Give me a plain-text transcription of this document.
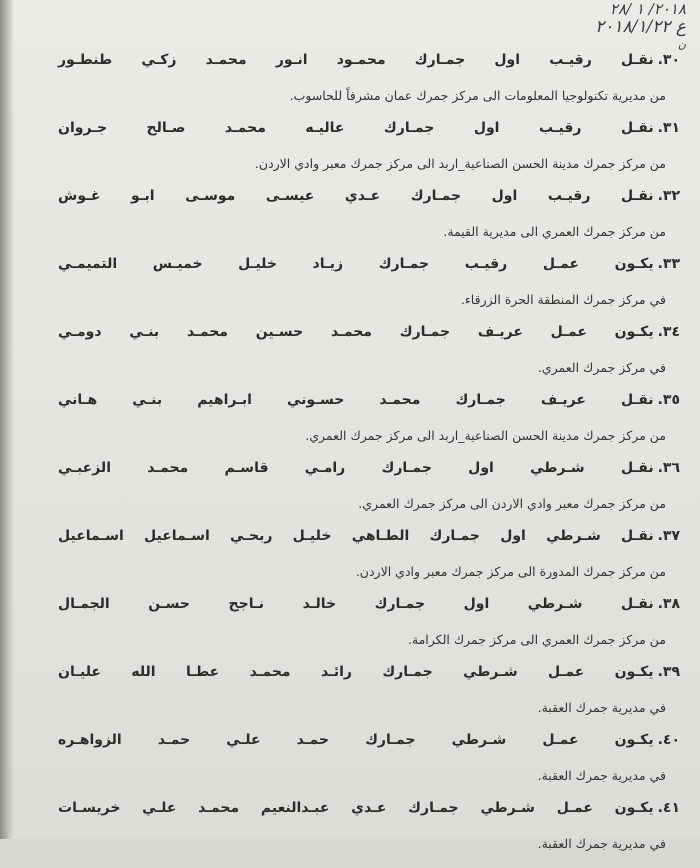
٢٠١٨/ ١ /٢٨
ع ٢٠١٨/١/٢٢
ن
٣٠.
نقـل رقيـب اول جمـارك محمـود انـور محمـد زكـي طنطـور
من مديرية تكنولوجيا المعلومات الى مركز جمرك عمان مشرفاً للحاسوب.
٣١.
نقـل رقيـب اول جمـارك عاليـه محمـد صـالح جـروان
من مركز جمرك مدينة الحسن الصناعية_اربد الى مركز جمرك معبر وادي الاردن.
٣٢.
نقـل رقيـب اول جمـارك عـدي عيسـى موسـى ابـو غـوش
من مركز جمرك العمري الى مديرية القيمة.
٣٣.
يكـون عمـل رقيـب جمـارك زيـاد خليـل خميـس التميمـي
في مركز جمرك المنطقة الحرة الزرقاء.
٣٤.
يكـون عمـل عريـف جمـارك محمـد حسـين محمـد بنـي دومـي
في مركز جمرك العمري.
٣٥.
نقـل عريـف جمـارك محمـد حسـوني ابـراهيم بنـي هـاني
من مركز جمرك مدينة الحسن الصناعية_اربد الى مركز جمرك العمري.
٣٦.
نقـل شـرطي اول جمـارك رامـي قاسـم محمـد الزعبـي
من مركز جمرك معبر وادي الاردن الى مركز جمرك العمري.
٣٧.
نقـل شـرطي اول جمـارك الطـاهي خليـل ربحـي اسـماعيل اسـماعيل
من مركز جمرك المدورة الى مركز جمرك معبر وادي الاردن.
٣٨.
نقـل شـرطي اول جمـارك خالـد نـاجح حسـن الجمـال
من مركز جمرك العمري الى مركز جمرك الكرامة.
٣٩.
يكـون عمـل شـرطي جمـارك رائـد محمـد عطـا الله عليـان
في مديرية جمرك العقبة.
٤٠.
يكـون عمـل شـرطي جمـارك حمـد علـي حمـد الزواهـره
في مديرية جمرك العقبة.
٤١.
يكـون عمـل شـرطي جمـارك عـدي عبـدالنعيم محمـد علـي خريسـات
في مديرية جمرك العقبة.
